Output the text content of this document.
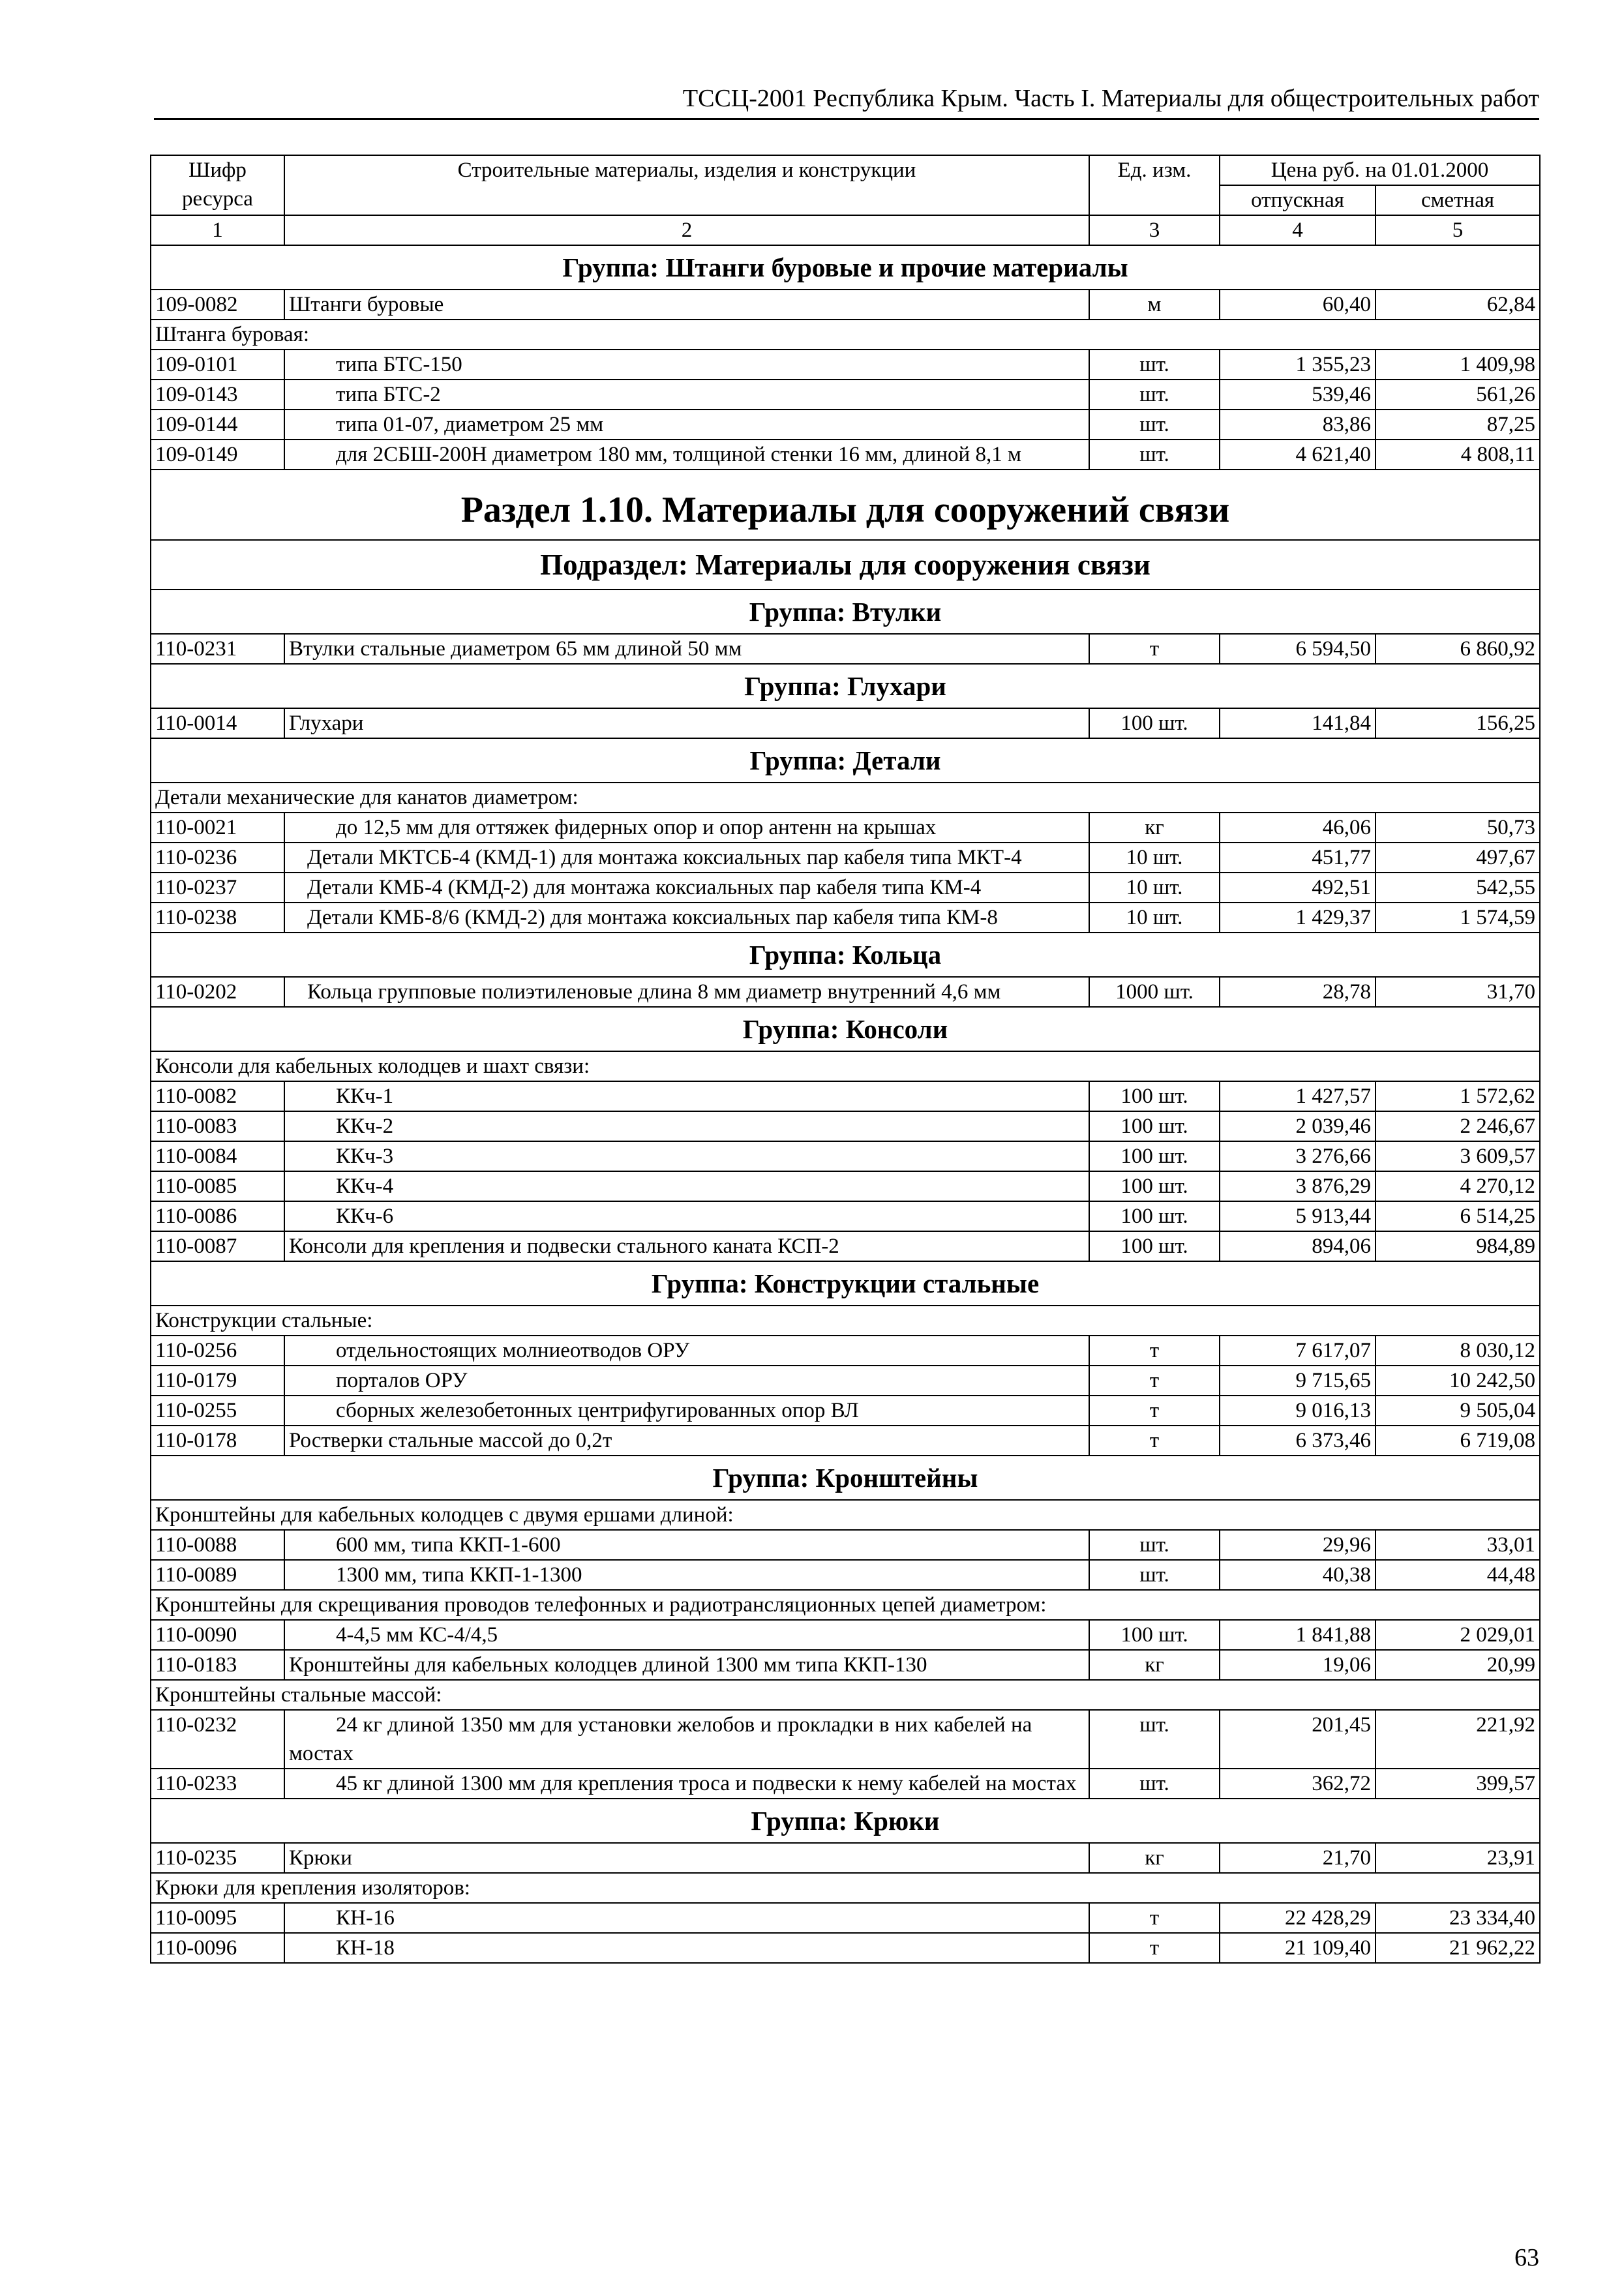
ТССЦ-2001 Республика Крым. Часть I. Материалы для общестроительных работ
Шифр ресурса	Строительные материалы, изделия и конструкции	Ед. изм.	Цена руб. на 01.01.2000	
			отпускная	сметная
1	2	3	4	5
Группа: Штанги буровые и прочие материалы				
109-0082	Штанги буровые	м	60,40	62,84
Штанга буровая:				
109-0101	типа БТС-150	шт.	1 355,23	1 409,98
109-0143	типа БТС-2	шт.	539,46	561,26
109-0144	типа 01-07, диаметром 25 мм	шт.	83,86	87,25
109-0149	для 2СБШ-200Н диаметром 180 мм, толщиной стенки 16 мм, длиной 8,1 м	шт.	4 621,40	4 808,11
Раздел 1.10. Материалы для сооружений связи				
Подраздел: Материалы для сооружения связи				
Группа: Втулки				
110-0231	Втулки стальные диаметром 65 мм длиной 50 мм	т	6 594,50	6 860,92
Группа: Глухари				
110-0014	Глухари	100 шт.	141,84	156,25
Группа: Детали				
Детали механические для канатов диаметром:				
110-0021	до 12,5 мм для оттяжек фидерных опор и опор антенн на крышах	кг	46,06	50,73
110-0236	Детали МКТСБ-4 (КМД-1) для монтажа коксиальных пар кабеля типа МКТ-4	10 шт.	451,77	497,67
110-0237	Детали КМБ-4 (КМД-2) для монтажа коксиальных пар кабеля типа КМ-4	10 шт.	492,51	542,55
110-0238	Детали КМБ-8/6 (КМД-2) для монтажа коксиальных пар кабеля типа КМ-8	10 шт.	1 429,37	1 574,59
Группа: Кольца				
110-0202	Кольца групповые полиэтиленовые длина 8 мм диаметр внутренний 4,6 мм	1000 шт.	28,78	31,70
Группа: Консоли				
Консоли для кабельных колодцев и шахт связи:				
110-0082	ККч-1	100 шт.	1 427,57	1 572,62
110-0083	ККч-2	100 шт.	2 039,46	2 246,67
110-0084	ККч-3	100 шт.	3 276,66	3 609,57
110-0085	ККч-4	100 шт.	3 876,29	4 270,12
110-0086	ККч-6	100 шт.	5 913,44	6 514,25
110-0087	Консоли для крепления и подвески стального каната КСП-2	100 шт.	894,06	984,89
Группа: Конструкции стальные				
Конструкции стальные:				
110-0256	отдельностоящих молниеотводов ОРУ	т	7 617,07	8 030,12
110-0179	порталов ОРУ	т	9 715,65	10 242,50
110-0255	сборных железобетонных центрифугированных опор ВЛ	т	9 016,13	9 505,04
110-0178	Ростверки стальные массой до 0,2т	т	6 373,46	6 719,08
Группа: Кронштейны				
Кронштейны для кабельных колодцев с двумя ершами длиной:				
110-0088	600 мм, типа ККП-1-600	шт.	29,96	33,01
110-0089	1300 мм, типа ККП-1-1300	шт.	40,38	44,48
Кронштейны для скрещивания проводов телефонных и радиотрансляционных цепей диаметром:				
110-0090	4-4,5 мм КС-4/4,5	100 шт.	1 841,88	2 029,01
110-0183	Кронштейны для кабельных колодцев длиной 1300 мм типа ККП-130	кг	19,06	20,99
Кронштейны стальные массой:				
110-0232	24 кг длиной 1350 мм для установки желобов и прокладки в них кабелей на мостах	шт.	201,45	221,92
110-0233	45 кг длиной 1300 мм для крепления троса и подвески к нему кабелей на мостах	шт.	362,72	399,57
Группа: Крюки				
110-0235	Крюки	кг	21,70	23,91
Крюки для крепления изоляторов:				
110-0095	КН-16	т	22 428,29	23 334,40
110-0096	КН-18	т	21 109,40	21 962,22
63
